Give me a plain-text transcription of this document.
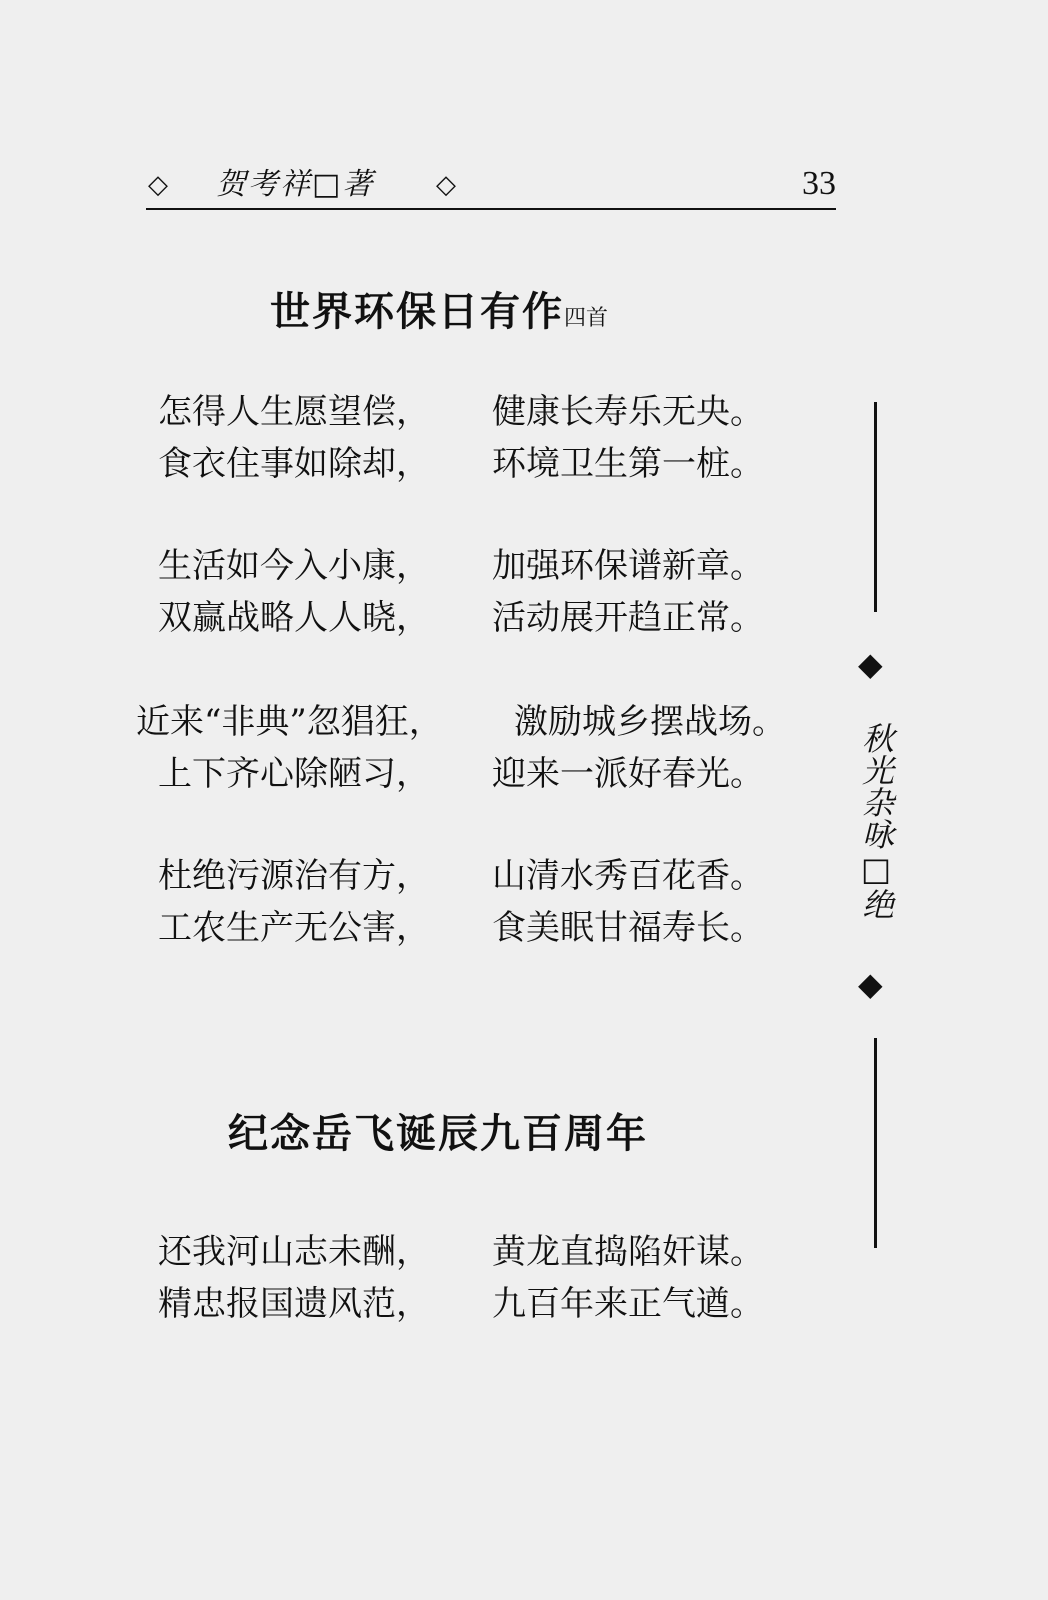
◇ 贺考祥□著 ◇	33
世界环保日有作四首
怎得人生愿望偿， 健康长寿乐无央。
食衣住事如除却， 环境卫生第一桩。
生活如今入小康， 加强环保谱新章。
双赢战略人人晓， 活动展开趋正常。
近来“非典”忽猖狂， 激励城乡摆战场。
上下齐心除陋习， 迎来一派好春光。
杜绝污源治有方， 山清水秀百花香。
工农生产无公害， 食美眠甘福寿长。
纪念岳飞诞辰九百周年
还我河山志未酬， 黄龙直捣陷奸谋。
精忠报国遗风范， 九百年来正气遒。
◆
秋光杂咏□绝
◆
